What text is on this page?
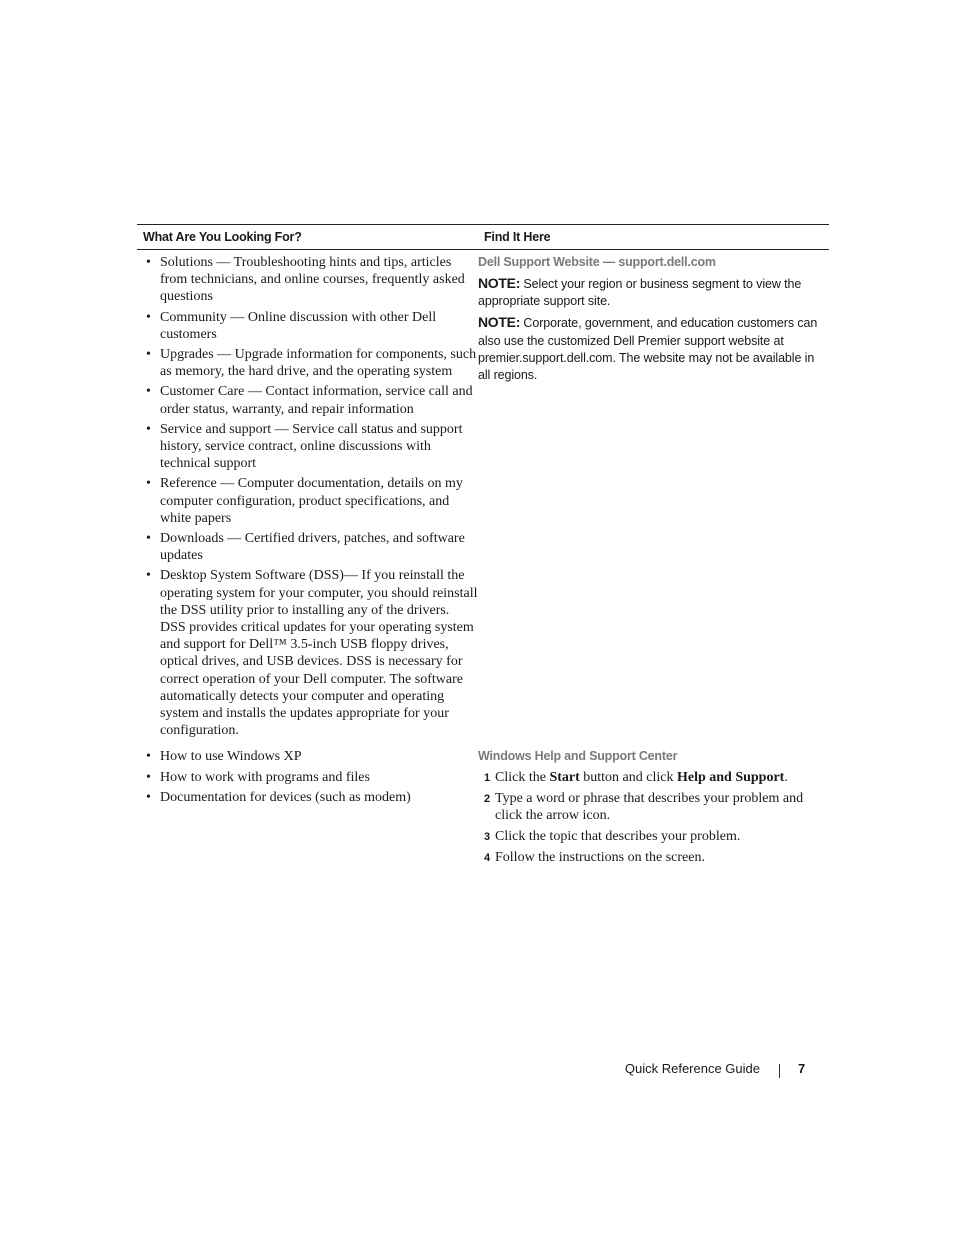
What Are You Looking For?	Find It Here
• Solutions — Troubleshooting hints and tips, articles from technicians, and online courses, frequently asked questions
• Community — Online discussion with other Dell customers
• Upgrades — Upgrade information for components, such as memory, the hard drive, and the operating system
• Customer Care — Contact information, service call and order status, warranty, and repair information
• Service and support — Service call status and support history, service contract, online discussions with technical support
• Reference — Computer documentation, details on my computer configuration, product specifications, and white papers
• Downloads — Certified drivers, patches, and software updates
• Desktop System Software (DSS)— If you reinstall the operating system for your computer, you should reinstall the DSS utility prior to installing any of the drivers. DSS provides critical updates for your operating system and support for Dell™ 3.5-inch USB floppy drives, optical drives, and USB devices. DSS is necessary for correct operation of your Dell computer. The software automatically detects your computer and operating system and installs the updates appropriate for your configuration.
Dell Support Website — support.dell.com
NOTE: Select your region or business segment to view the appropriate support site.
NOTE: Corporate, government, and education customers can also use the customized Dell Premier support website at premier.support.dell.com. The website may not be available in all regions.
• How to use Windows XP
• How to work with programs and files
• Documentation for devices (such as modem)
Windows Help and Support Center
1 Click the Start button and click Help and Support.
2 Type a word or phrase that describes your problem and click the arrow icon.
3 Click the topic that describes your problem.
4 Follow the instructions on the screen.
Quick Reference Guide	7
